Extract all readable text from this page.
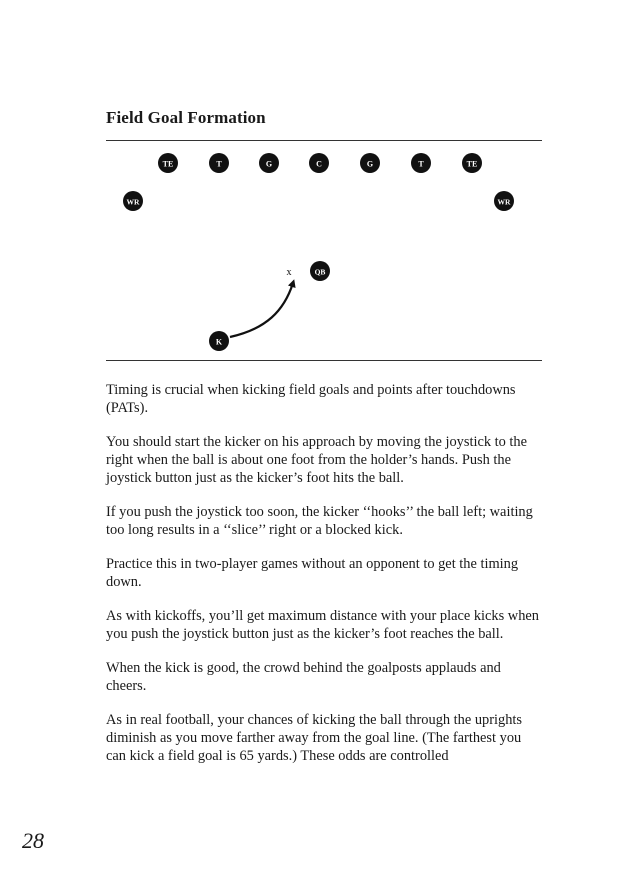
Field Goal Formation
TE	T	G	C	G	T	TE
WR	WR
x	QB
K

Timing is crucial when kicking field goals and points after touchdowns (PATs).

You should start the kicker on his approach by moving the joystick to the right when the ball is about one foot from the holder’s hands. Push the joystick button just as the kicker’s foot hits the ball.

If you push the joystick too soon, the kicker ‘‘hooks’’ the ball left; waiting too long results in a ‘‘slice’’ right or a blocked kick.

Practice this in two-player games without an opponent to get the timing down.

As with kickoffs, you’ll get maximum distance with your place kicks when you push the joystick button just as the kicker’s foot reaches the ball.

When the kick is good, the crowd behind the goalposts applauds and cheers.

As in real football, your chances of kicking the ball through the uprights diminish as you move farther away from the goal line. (The farthest you can kick a field goal is 65 yards.) These odds are controlled

28
